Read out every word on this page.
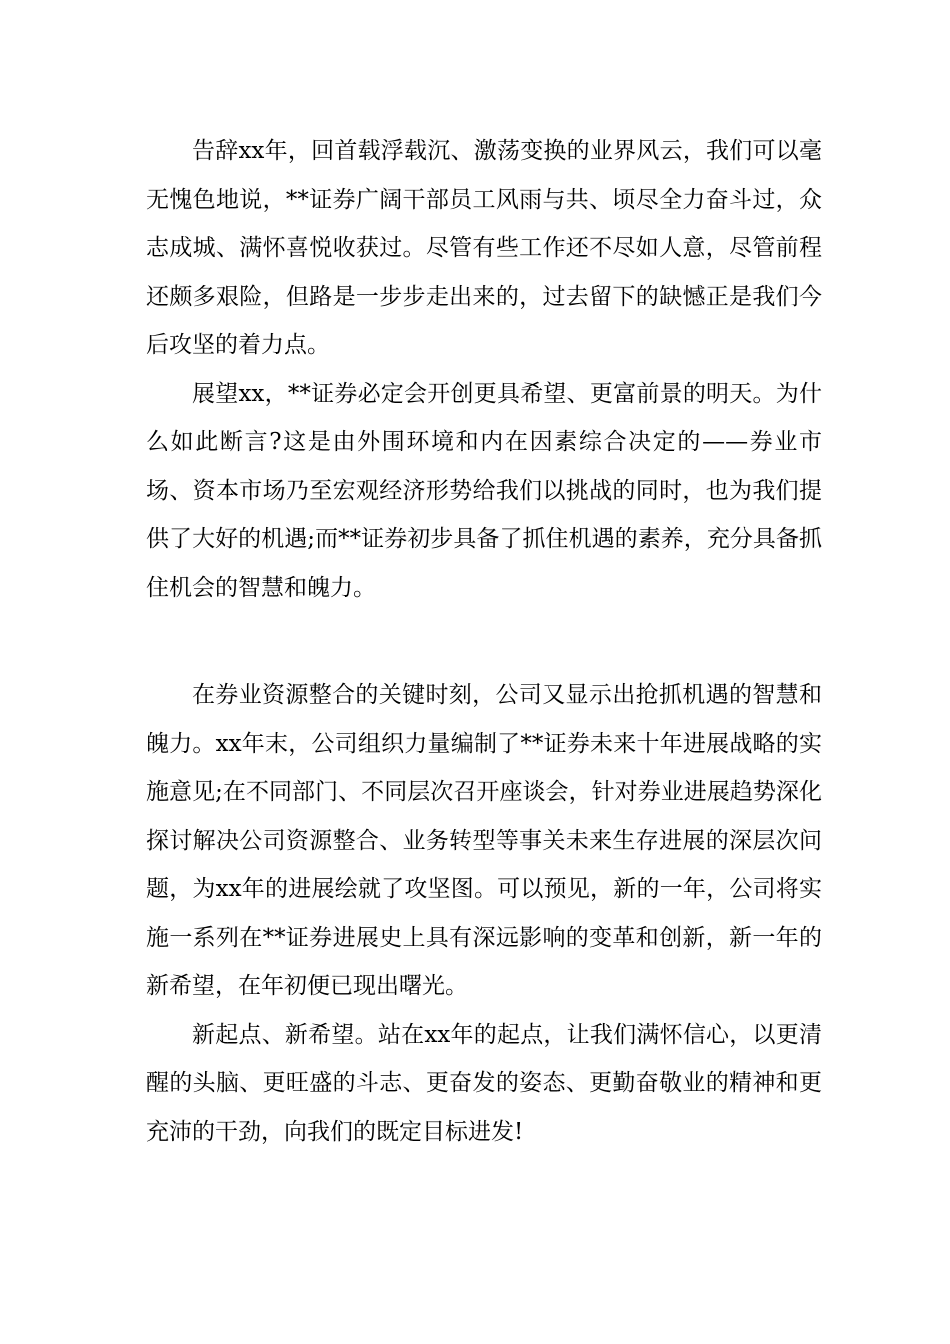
告辞xx年，回首载浮载沉、激荡变换的业界风云，我们可以毫无愧色地说，**证券广阔干部员工风雨与共、顷尽全力奋斗过，众志成城、满怀喜悦收获过。尽管有些工作还不尽如人意，尽管前程还颇多艰险，但路是一步步走出来的，过去留下的缺憾正是我们今后攻坚的着力点。

展望xx，**证券必定会开创更具希望、更富前景的明天。为什么如此断言?这是由外围环境和内在因素综合决定的——券业市场、资本市场乃至宏观经济形势给我们以挑战的同时，也为我们提供了大好的机遇;而**证券初步具备了抓住机遇的素养，充分具备抓住机会的智慧和魄力。

在券业资源整合的关键时刻，公司又显示出抢抓机遇的智慧和魄力。xx年末，公司组织力量编制了**证券未来十年进展战略的实施意见;在不同部门、不同层次召开座谈会，针对券业进展趋势深化探讨解决公司资源整合、业务转型等事关未来生存进展的深层次问题，为xx年的进展绘就了攻坚图。可以预见，新的一年，公司将实施一系列在**证券进展史上具有深远影响的变革和创新，新一年的新希望，在年初便已现出曙光。

新起点、新希望。站在xx年的起点，让我们满怀信心，以更清醒的头脑、更旺盛的斗志、更奋发的姿态、更勤奋敬业的精神和更充沛的干劲，向我们的既定目标进发!
